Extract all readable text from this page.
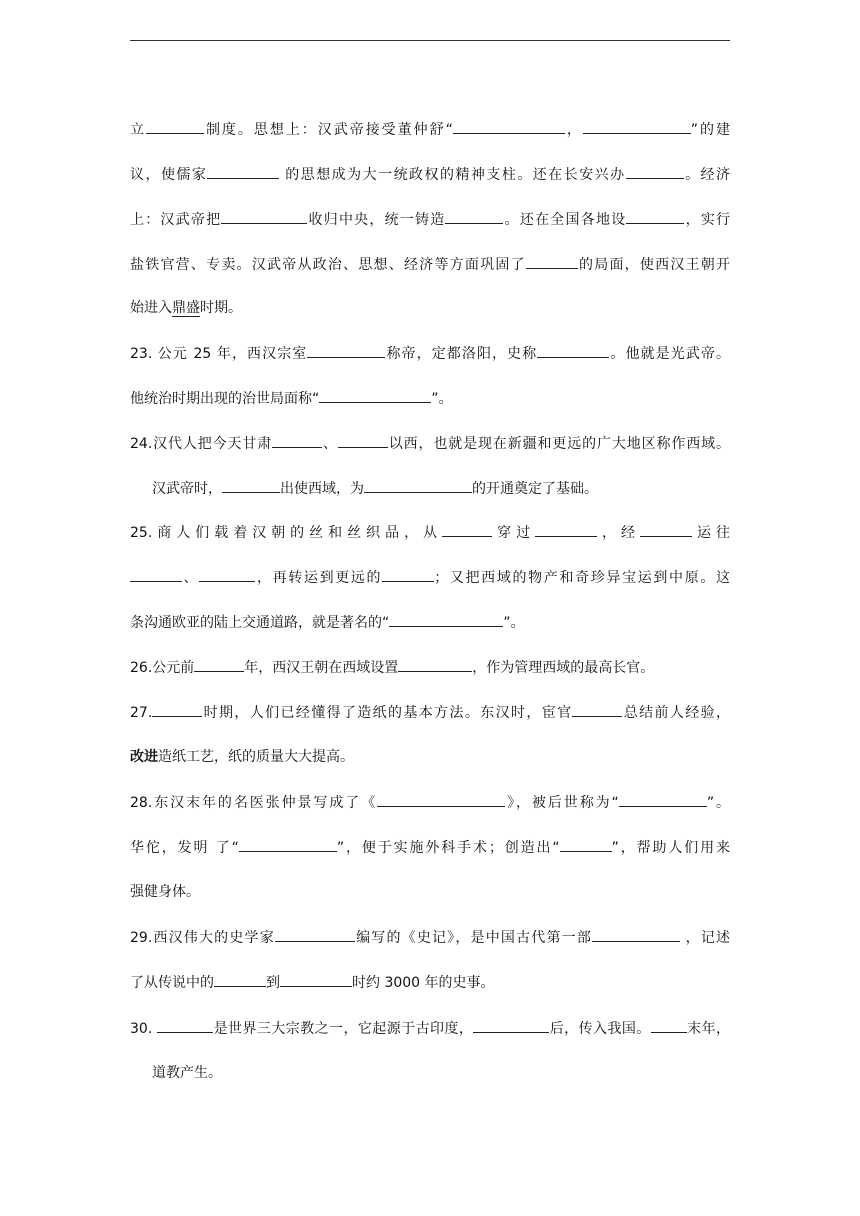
立	制度。思想上：汉武帝接受董仲舒“	，	”的建
议，使儒家	的思想成为大一统政权的精神支柱。还在长安兴办	。经济
上：汉武帝把	收归中央，统一铸造	。还在全国各地设	，实行
盐铁官营、专卖。汉武帝从政治、思想、经济等方面巩固了	的局面，使西汉王朝开
始进入鼎盛时期。
23. 公元 25 年，西汉宗室	称帝，定都洛阳，史称	。他就是光武帝。
他统治时期出现的治世局面称“	”。
24.汉代人把今天甘肃	、	以西，也就是现在新疆和更远的广大地区称作西域。
汉武帝时，	出使西域，为	的开通奠定了基础。
25.商人们载着汉朝的丝和丝织品，从	穿过	，经	运往
、	，再转运到更远的	；又把西域的物产和奇珍异宝运到中原。这
条沟通欧亚的陆上交通道路，就是著名的“	”。
26.公元前	年，西汉王朝在西域设置	，作为管理西域的最高长官。
27.	时期，人们已经懂得了造纸的基本方法。东汉时，宦官	总结前人经验，
改进造纸工艺，纸的质量大大提高。
28.东汉末年的名医张仲景写成了《	》，被后世称为“	”。
华佗，发明 了“	”，便于实施外科手术；创造出“	”，帮助人们用来
强健身体。
29.西汉伟大的史学家	编写的《史记》，是中国古代第一部	，记述
了从传说中的	到	时约 3000 年的史事。
30.	是世界三大宗教之一，它起源于古印度，	后，传入我国。	末年，
道教产生。
